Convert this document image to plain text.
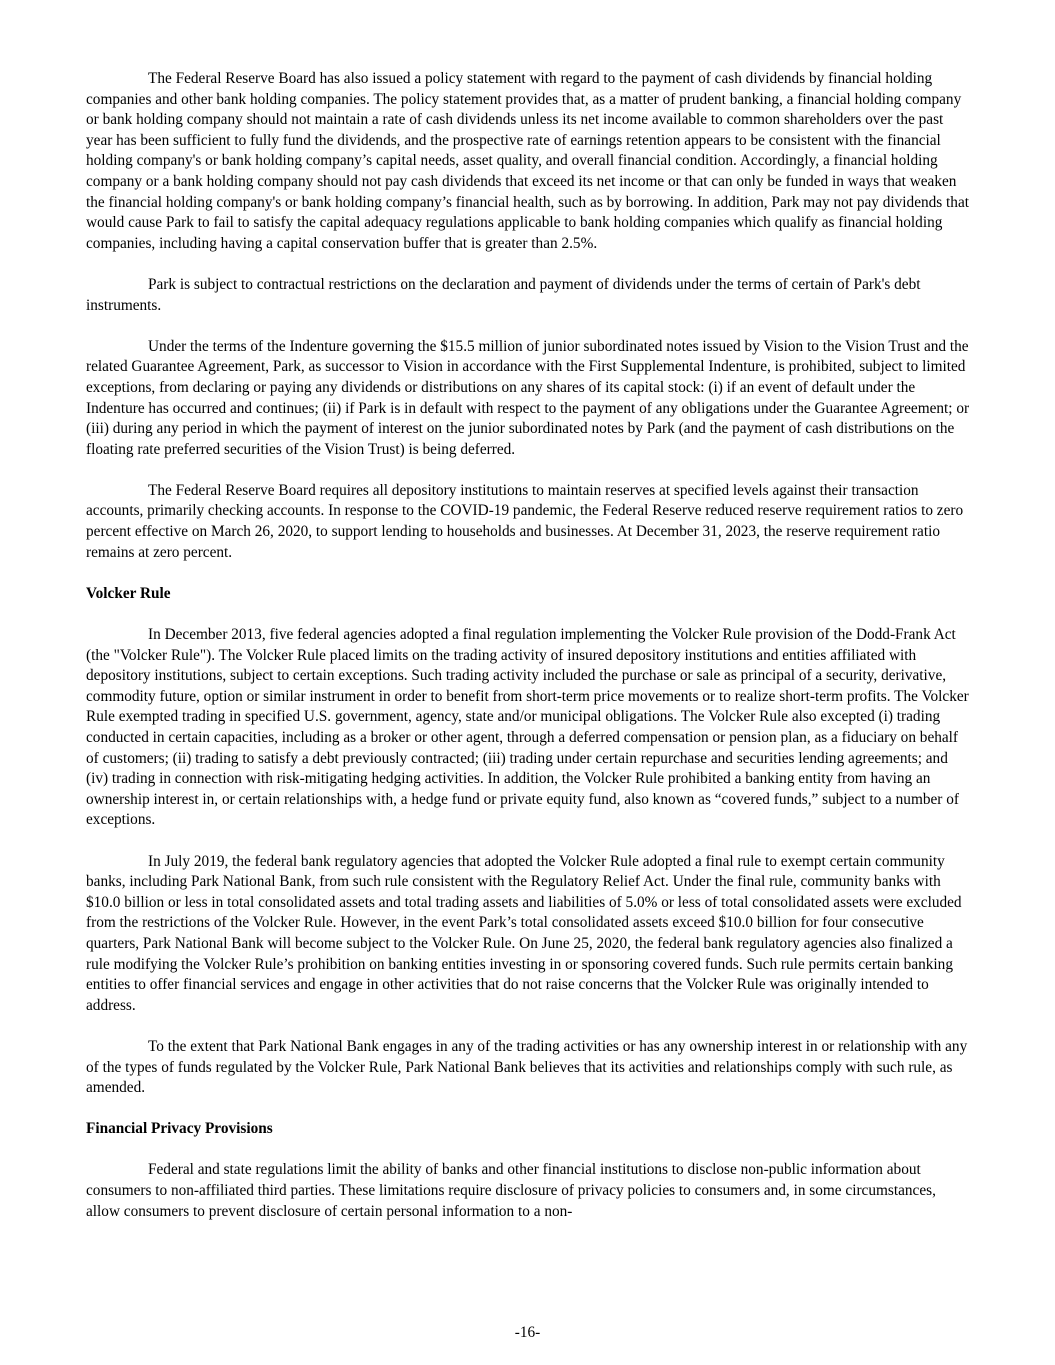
The Federal Reserve Board has also issued a policy statement with regard to the payment of cash dividends by financial holding companies and other bank holding companies. The policy statement provides that, as a matter of prudent banking, a financial holding company or bank holding company should not maintain a rate of cash dividends unless its net income available to common shareholders over the past year has been sufficient to fully fund the dividends, and the prospective rate of earnings retention appears to be consistent with the financial holding company's or bank holding company’s capital needs, asset quality, and overall financial condition. Accordingly, a financial holding company or a bank holding company should not pay cash dividends that exceed its net income or that can only be funded in ways that weaken the financial holding company's or bank holding company’s financial health, such as by borrowing. In addition, Park may not pay dividends that would cause Park to fail to satisfy the capital adequacy regulations applicable to bank holding companies which qualify as financial holding companies, including having a capital conservation buffer that is greater than 2.5%.

Park is subject to contractual restrictions on the declaration and payment of dividends under the terms of certain of Park's debt instruments.

Under the terms of the Indenture governing the $15.5 million of junior subordinated notes issued by Vision to the Vision Trust and the related Guarantee Agreement, Park, as successor to Vision in accordance with the First Supplemental Indenture, is prohibited, subject to limited exceptions, from declaring or paying any dividends or distributions on any shares of its capital stock: (i) if an event of default under the Indenture has occurred and continues; (ii) if Park is in default with respect to the payment of any obligations under the Guarantee Agreement; or (iii) during any period in which the payment of interest on the junior subordinated notes by Park (and the payment of cash distributions on the floating rate preferred securities of the Vision Trust) is being deferred.

The Federal Reserve Board requires all depository institutions to maintain reserves at specified levels against their transaction accounts, primarily checking accounts. In response to the COVID-19 pandemic, the Federal Reserve reduced reserve requirement ratios to zero percent effective on March 26, 2020, to support lending to households and businesses. At December 31, 2023, the reserve requirement ratio remains at zero percent.

Volcker Rule

In December 2013, five federal agencies adopted a final regulation implementing the Volcker Rule provision of the Dodd-Frank Act (the "Volcker Rule"). The Volcker Rule placed limits on the trading activity of insured depository institutions and entities affiliated with depository institutions, subject to certain exceptions. Such trading activity included the purchase or sale as principal of a security, derivative, commodity future, option or similar instrument in order to benefit from short-term price movements or to realize short-term profits. The Volcker Rule exempted trading in specified U.S. government, agency, state and/or municipal obligations. The Volcker Rule also excepted (i) trading conducted in certain capacities, including as a broker or other agent, through a deferred compensation or pension plan, as a fiduciary on behalf of customers; (ii) trading to satisfy a debt previously contracted; (iii) trading under certain repurchase and securities lending agreements; and (iv) trading in connection with risk-mitigating hedging activities. In addition, the Volcker Rule prohibited a banking entity from having an ownership interest in, or certain relationships with, a hedge fund or private equity fund, also known as “covered funds,” subject to a number of exceptions.

In July 2019, the federal bank regulatory agencies that adopted the Volcker Rule adopted a final rule to exempt certain community banks, including Park National Bank, from such rule consistent with the Regulatory Relief Act. Under the final rule, community banks with $10.0 billion or less in total consolidated assets and total trading assets and liabilities of 5.0% or less of total consolidated assets were excluded from the restrictions of the Volcker Rule. However, in the event Park’s total consolidated assets exceed $10.0 billion for four consecutive quarters, Park National Bank will become subject to the Volcker Rule. On June 25, 2020, the federal bank regulatory agencies also finalized a rule modifying the Volcker Rule’s prohibition on banking entities investing in or sponsoring covered funds. Such rule permits certain banking entities to offer financial services and engage in other activities that do not raise concerns that the Volcker Rule was originally intended to address.

To the extent that Park National Bank engages in any of the trading activities or has any ownership interest in or relationship with any of the types of funds regulated by the Volcker Rule, Park National Bank believes that its activities and relationships comply with such rule, as amended.

Financial Privacy Provisions

Federal and state regulations limit the ability of banks and other financial institutions to disclose non-public information about consumers to non-affiliated third parties. These limitations require disclosure of privacy policies to consumers and, in some circumstances, allow consumers to prevent disclosure of certain personal information to a non-

-16-
